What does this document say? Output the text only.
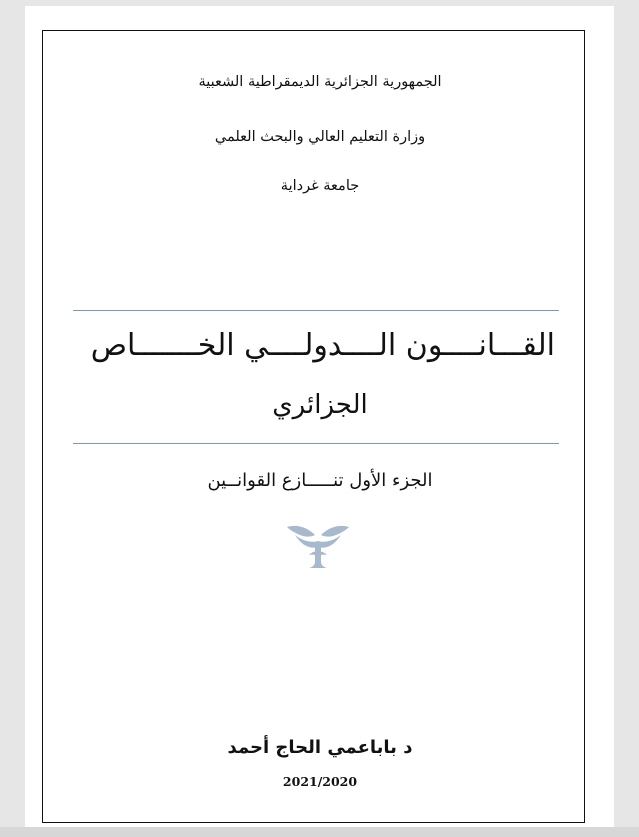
الجمهورية الجزائرية الديمقراطية الشعبية
وزارة التعليم العالي والبحث العلمي
جامعة غرداية
القـــانــــون الــــدولــــي الخـــــــاص
الجزائري
الجزء الأول تنـــــازع القوانــين
د باباعمي الحاج أحمد
2021/2020
